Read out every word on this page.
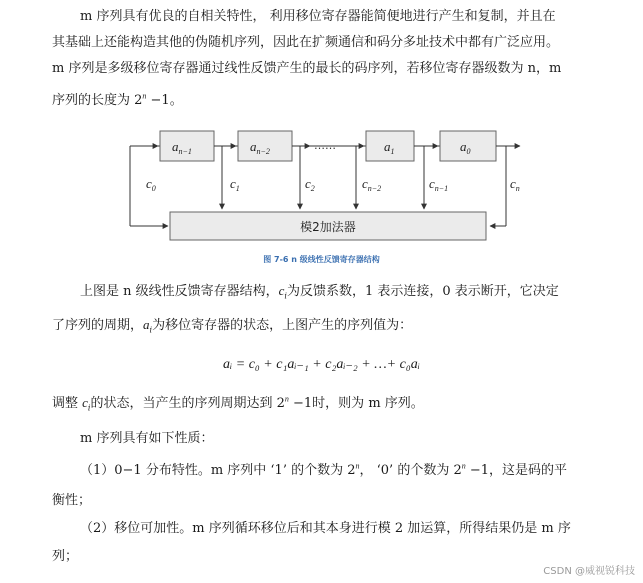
m 序列具有优良的自相关特性， 利用移位寄存器能简便地进行产生和复制，并且在
其基础上还能构造其他的伪随机序列，因此在扩频通信和码分多址技术中都有广泛应用。
m 序列是多级移位寄存器通过线性反馈产生的最长的码序列，若移位寄存器级数为 n，m
序列的长度为 $2^n -1$。
……
$a_{n-1}$	$a_{n-2}$	$a_1$	$a_0$
$c_0$	$c_1$	$c_2$	$c_{n-2}$	$c_{n-1}$	$c_n$
模2加法器
图 7-6 n 级线性反馈寄存器结构
上图是 n 级线性反馈寄存器结构，$c_i$为反馈系数，1 表示连接，0 表示断开，它决定
了序列的周期，$a_i$为移位寄存器的状态，上图产生的序列值为：
aᵢ = c₀ + c₁aᵢ₋₁ + c₂aᵢ₋₂ + …+ c₀aᵢ
调整 $c_i$的状态，当产生的序列周期达到 $2^n -1$时，则为 m 序列。
m 序列具有如下性质：
（1）0−1 分布特性。m 序列中 ‘1’ 的个数为 2$^n$， ‘0’ 的个数为 $2^n -1$，这是码的平
衡性；
（2）移位可加性。m 序列循环移位后和其本身进行模 2 加运算，所得结果仍是 m 序
列；
CSDN @威视锐科技
